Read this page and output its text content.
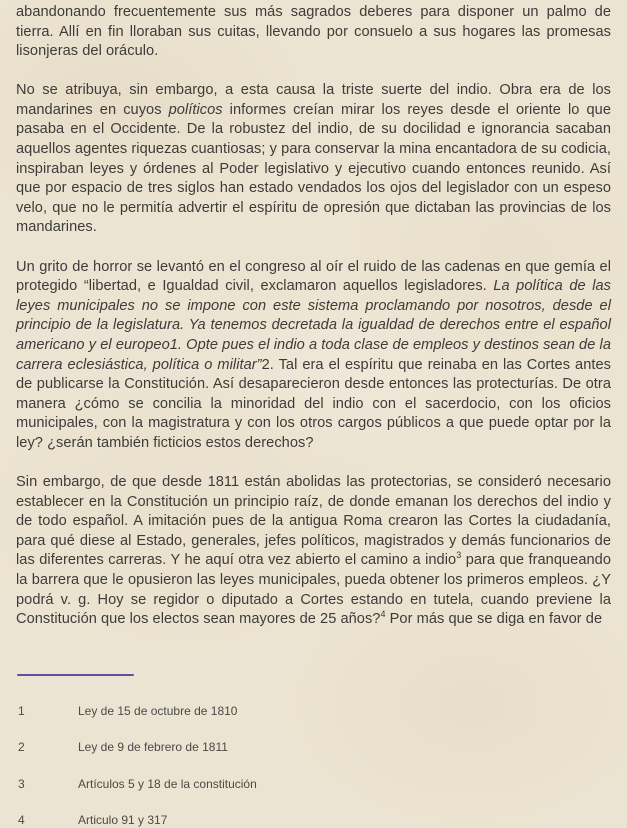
abandonando frecuentemente sus más sagrados deberes para disponer un palmo de tierra. Allí en fin lloraban sus cuitas, llevando por consuelo a sus hogares las promesas lisonjeras del oráculo.

No se atribuya, sin embargo, a esta causa la triste suerte del indio. Obra era de los mandarines en cuyos políticos informes creían mirar los reyes desde el oriente lo que pasaba en el Occidente. De la robustez del indio, de su docilidad e ignorancia sacaban aquellos agentes riquezas cuantiosas; y para conservar la mina encantadora de su codicia, inspiraban leyes y órdenes al Poder legislativo y ejecutivo cuando entonces reunido. Así que por espacio de tres siglos han estado vendados los ojos del legislador con un espeso velo, que no le permitía advertir el espíritu de opresión que dictaban las provincias de los mandarines.

Un grito de horror se levantó en el congreso al oír el ruido de las cadenas en que gemía el protegido “libertad, e Igualdad civil, exclamaron aquellos legisladores. La política de las leyes municipales no se impone con este sistema proclamando por nosotros, desde el principio de la legislatura. Ya tenemos decretada la igualdad de derechos entre el español americano y el europeo1. Opte pues el indio a toda clase de empleos y destinos sean de la carrera eclesiástica, política o militar”2. Tal era el espíritu que reinaba en las Cortes antes de publicarse la Constitución. Así desaparecieron desde entonces las protecturías. De otra manera ¿cómo se concilia la minoridad del indio con el sacerdocio, con los oficios municipales, con la magistratura y con los otros cargos públicos a que puede optar por la ley? ¿serán también ficticios estos derechos?

Sin embargo, de que desde 1811 están abolidas las protectorias, se consideró necesario establecer en la Constitución un principio raíz, de donde emanan los derechos del indio y de todo español. A imitación pues de la antigua Roma crearon las Cortes la ciudadanía, para qué diese al Estado, generales, jefes políticos, magistrados y demás funcionarios de las diferentes carreras. Y he aquí otra vez abierto el camino a indio$^3$ para que franqueando la barrera que le opusieron las leyes municipales, pueda obtener los primeros empleos. ¿Y podrá v. g. Hoy se regidor o diputado a Cortes estando en tutela, cuando previene la Constitución que los electos sean mayores de 25 años?$^4$ Por más que se diga en favor de

1	Ley de 15 de octubre de 1810
2	Ley de 9 de febrero de 1811
3	Artículos 5 y 18 de la constitución
4	Articulo 91 y 317
